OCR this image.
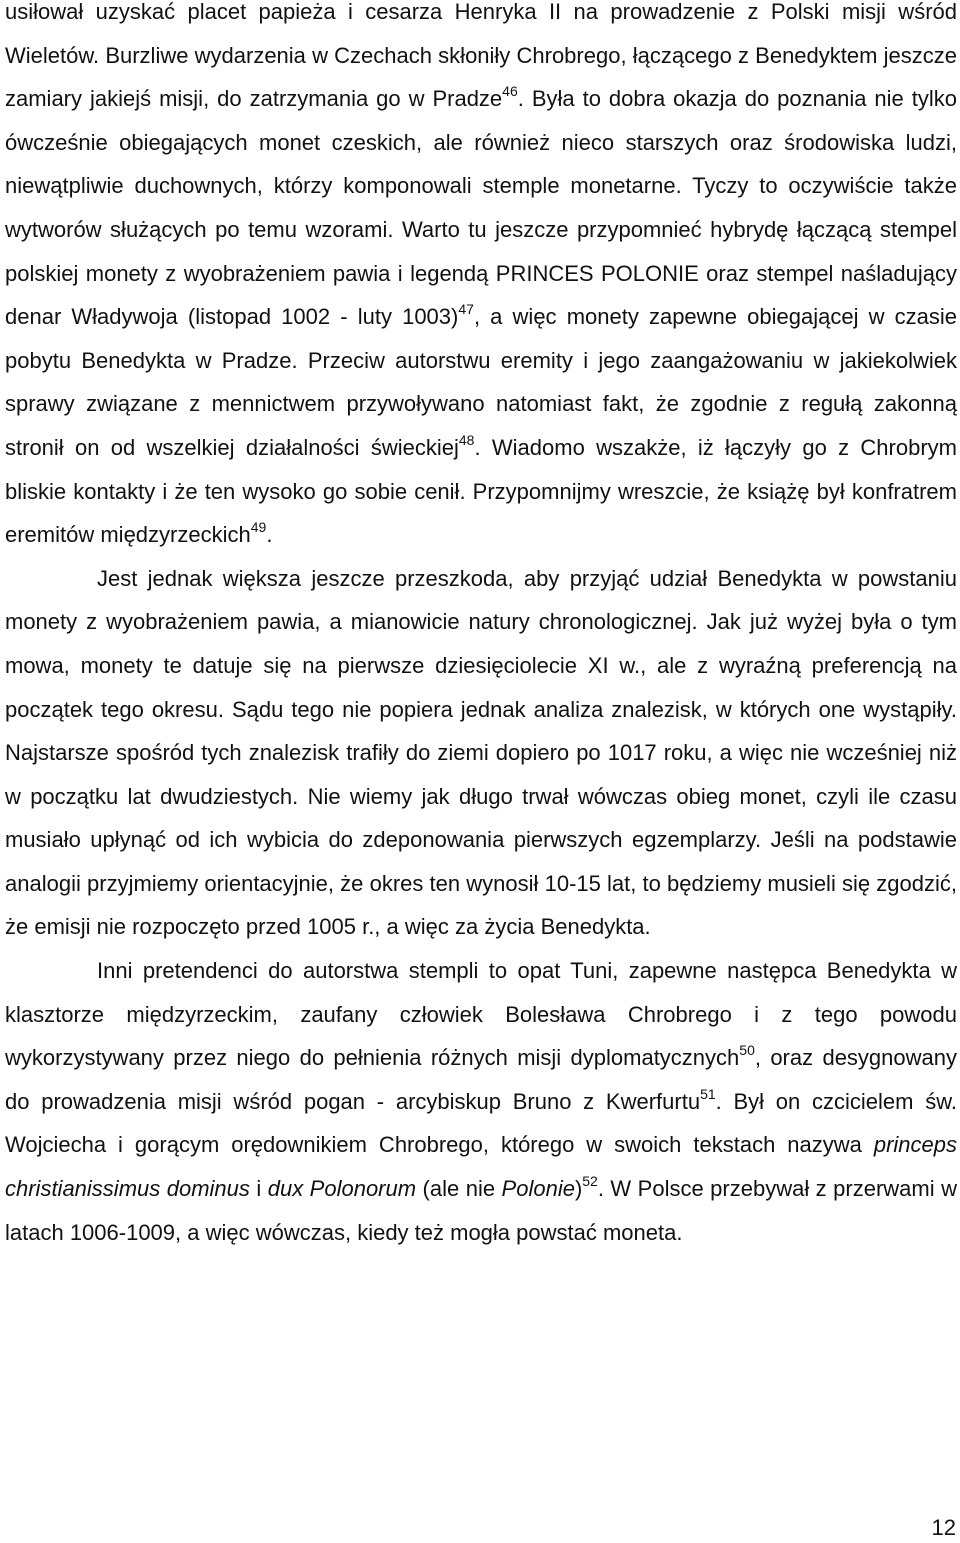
usiłował uzyskać placet papieża i cesarza Henryka II na prowadzenie z Polski misji wśród Wieletów. Burzliwe wydarzenia w Czechach skłoniły Chrobrego, łączącego z Benedyktem jeszcze zamiary jakiejś misji, do zatrzymania go w Pradze$^{46}$. Była to dobra okazja do poznania nie tylko ówcześnie obiegających monet czeskich, ale również nieco starszych oraz środowiska ludzi, niewątpliwie duchownych, którzy komponowali stemple monetarne. Tyczy to oczywiście także wytworów służących po temu wzorami. Warto tu jeszcze przypomnieć hybrydę łączącą stempel polskiej monety z wyobrażeniem pawia i legendą PRINCES POLONIE oraz stempel naśladujący denar Władywoja (listopad 1002 - luty 1003)$^{47}$, a więc monety zapewne obiegającej w czasie pobytu Benedykta w Pradze. Przeciw autorstwu eremity i jego zaangażowaniu w jakiekolwiek sprawy związane z mennictwem przywoływano natomiast fakt, że zgodnie z regułą zakonną stronił on od wszelkiej działalności świeckiej$^{48}$. Wiadomo wszakże, iż łączyły go z Chrobrym bliskie kontakty i że ten wysoko go sobie cenił. Przypomnijmy wreszcie, że książę był konfratrem eremitów międzyrzeckich$^{49}$.

Jest jednak większa jeszcze przeszkoda, aby przyjąć udział Benedykta w powstaniu monety z wyobrażeniem pawia, a mianowicie natury chronologicznej. Jak już wyżej była o tym mowa, monety te datuje się na pierwsze dziesięciolecie XI w., ale z wyraźną preferencją na początek tego okresu. Sądu tego nie popiera jednak analiza znalezisk, w których one wystąpiły. Najstarsze spośród tych znalezisk trafiły do ziemi dopiero po 1017 roku, a więc nie wcześniej niż w początku lat dwudziestych. Nie wiemy jak długo trwał wówczas obieg monet, czyli ile czasu musiało upłynąć od ich wybicia do zdeponowania pierwszych egzemplarzy. Jeśli na podstawie analogii przyjmiemy orientacyjnie, że okres ten wynosił 10-15 lat, to będziemy musieli się zgodzić, że emisji nie rozpoczęto przed 1005 r., a więc za życia Benedykta.

Inni pretendenci do autorstwa stempli to opat Tuni, zapewne następca Benedykta w klasztorze międzyrzeckim, zaufany człowiek Bolesława Chrobrego i z tego powodu wykorzystywany przez niego do pełnienia różnych misji dyplomatycznych$^{50}$, oraz desygnowany do prowadzenia misji wśród pogan - arcybiskup Bruno z Kwerfurtu$^{51}$. Był on czcicielem św. Wojciecha i gorącym orędownikiem Chrobrego, którego w swoich tekstach nazywa princeps christianissimus dominus i dux Polonorum (ale nie Polonie)$^{52}$. W Polsce przebywał z przerwami w latach 1006-1009, a więc wówczas, kiedy też mogła powstać moneta.

12
